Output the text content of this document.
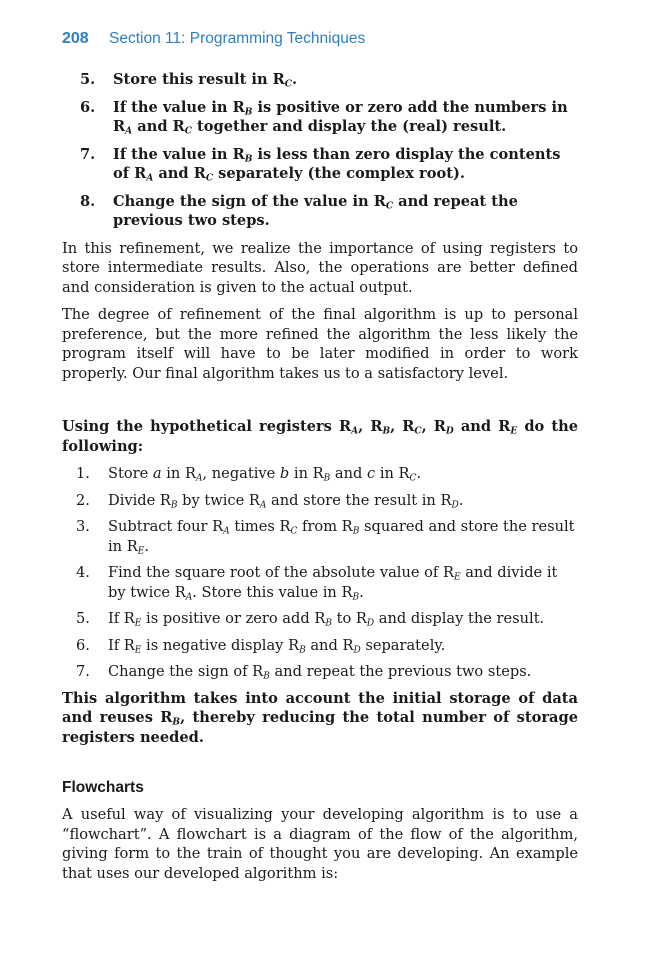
208 Section 11: Programming Techniques
5. Store this result in $R_C$.
6. If the value in $R_B$ is positive or zero add the numbers in $R_A$ and $R_C$ together and display the (real) result.
7. If the value in $R_B$ is less than zero display the contents of $R_A$ and $R_C$ separately (the complex root).
8. Change the sign of the value in $R_C$ and repeat the previous two steps.

In this refinement, we realize the importance of using registers to store intermediate results. Also, the operations are better defined and consideration is given to the actual output.

The degree of refinement of the final algorithm is up to personal preference, but the more refined the algorithm the less likely the program itself will have to be later modified in order to work properly. Our final algorithm takes us to a satisfactory level.

Using the hypothetical registers $R_A$, $R_B$, $R_C$, $R_D$ and $R_E$ do the following:

1. Store a in $R_A$, negative b in $R_B$ and c in $R_C$.
2. Divide $R_B$ by twice $R_A$ and store the result in $R_D$.
3. Subtract four $R_A$ times $R_C$ from $R_B$ squared and store the result in $R_E$.
4. Find the square root of the absolute value of $R_E$ and divide it by twice $R_A$. Store this value in $R_B$.
5. If $R_E$ is positive or zero add $R_B$ to $R_D$ and display the result.
6. If $R_E$ is negative display $R_B$ and $R_D$ separately.
7. Change the sign of $R_B$ and repeat the previous two steps.

This algorithm takes into account the initial storage of data and reuses $R_B$, thereby reducing the total number of storage registers needed.

Flowcharts

A useful way of visualizing your developing algorithm is to use a “flowchart”. A flowchart is a diagram of the flow of the algorithm, giving form to the train of thought you are developing. An example that uses our developed algorithm is:
